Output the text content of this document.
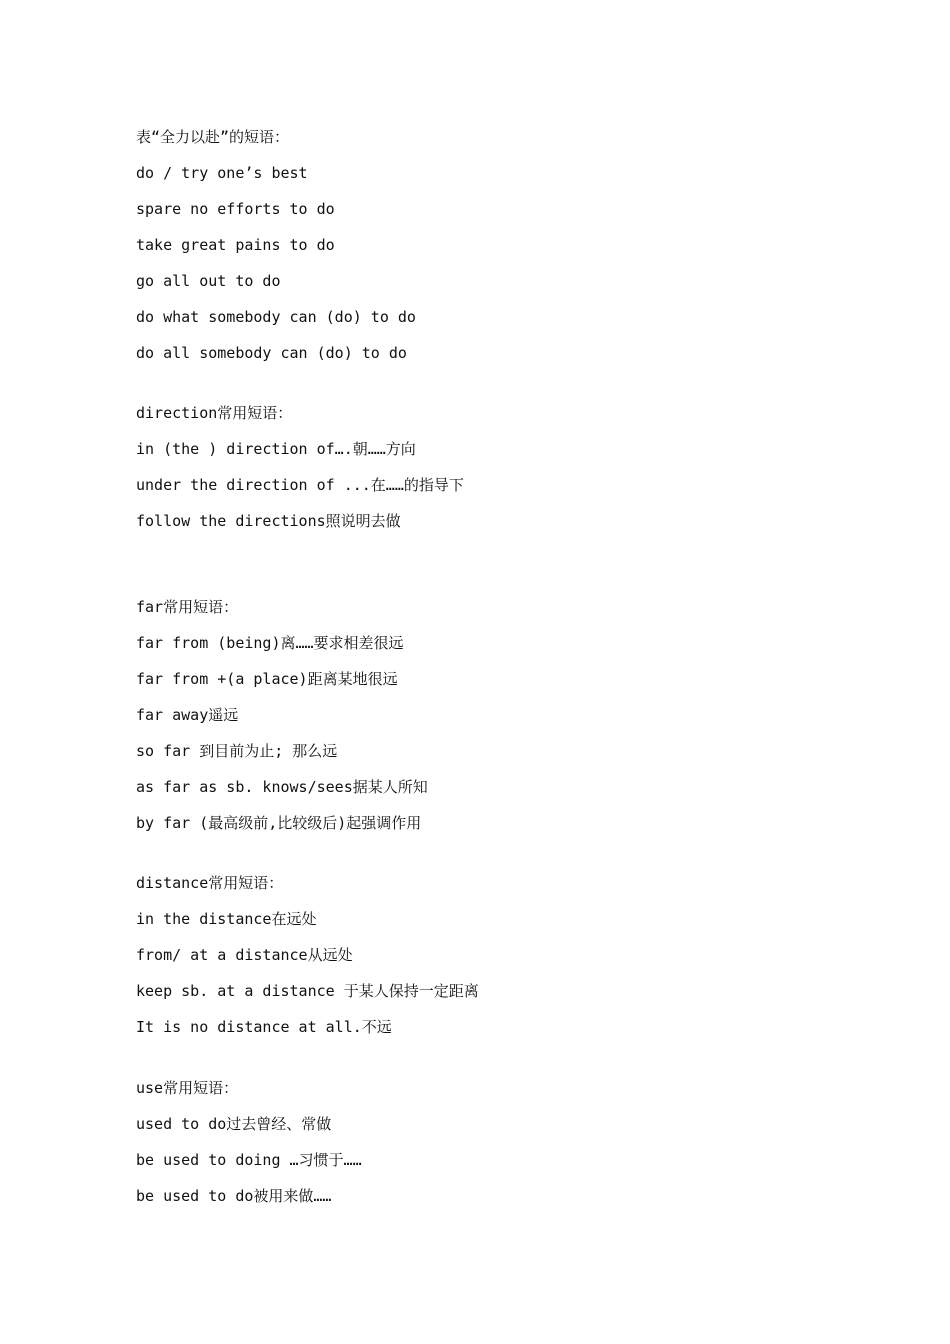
表“全力以赴”的短语：
do / try one’s best
spare no efforts to do
take great pains to do
go all out to do
do what somebody can (do) to do
do all somebody can (do) to do
direction常用短语：
in (the ) direction of….朝……方向
under the direction of ...在……的指导下
follow the directions照说明去做
far常用短语：
far from (being)离……要求相差很远
far from +(a place)距离某地很远
far away遥远
so far 到目前为止; 那么远
as far as sb. knows/sees据某人所知
by far (最高级前,比较级后)起强调作用
distance常用短语：
in the distance在远处
from/ at a distance从远处
keep sb. at a distance 于某人保持一定距离
It is no distance at all.不远
use常用短语：
used to do过去曾经、常做
be used to doing …习惯于……
be used to do被用来做……
